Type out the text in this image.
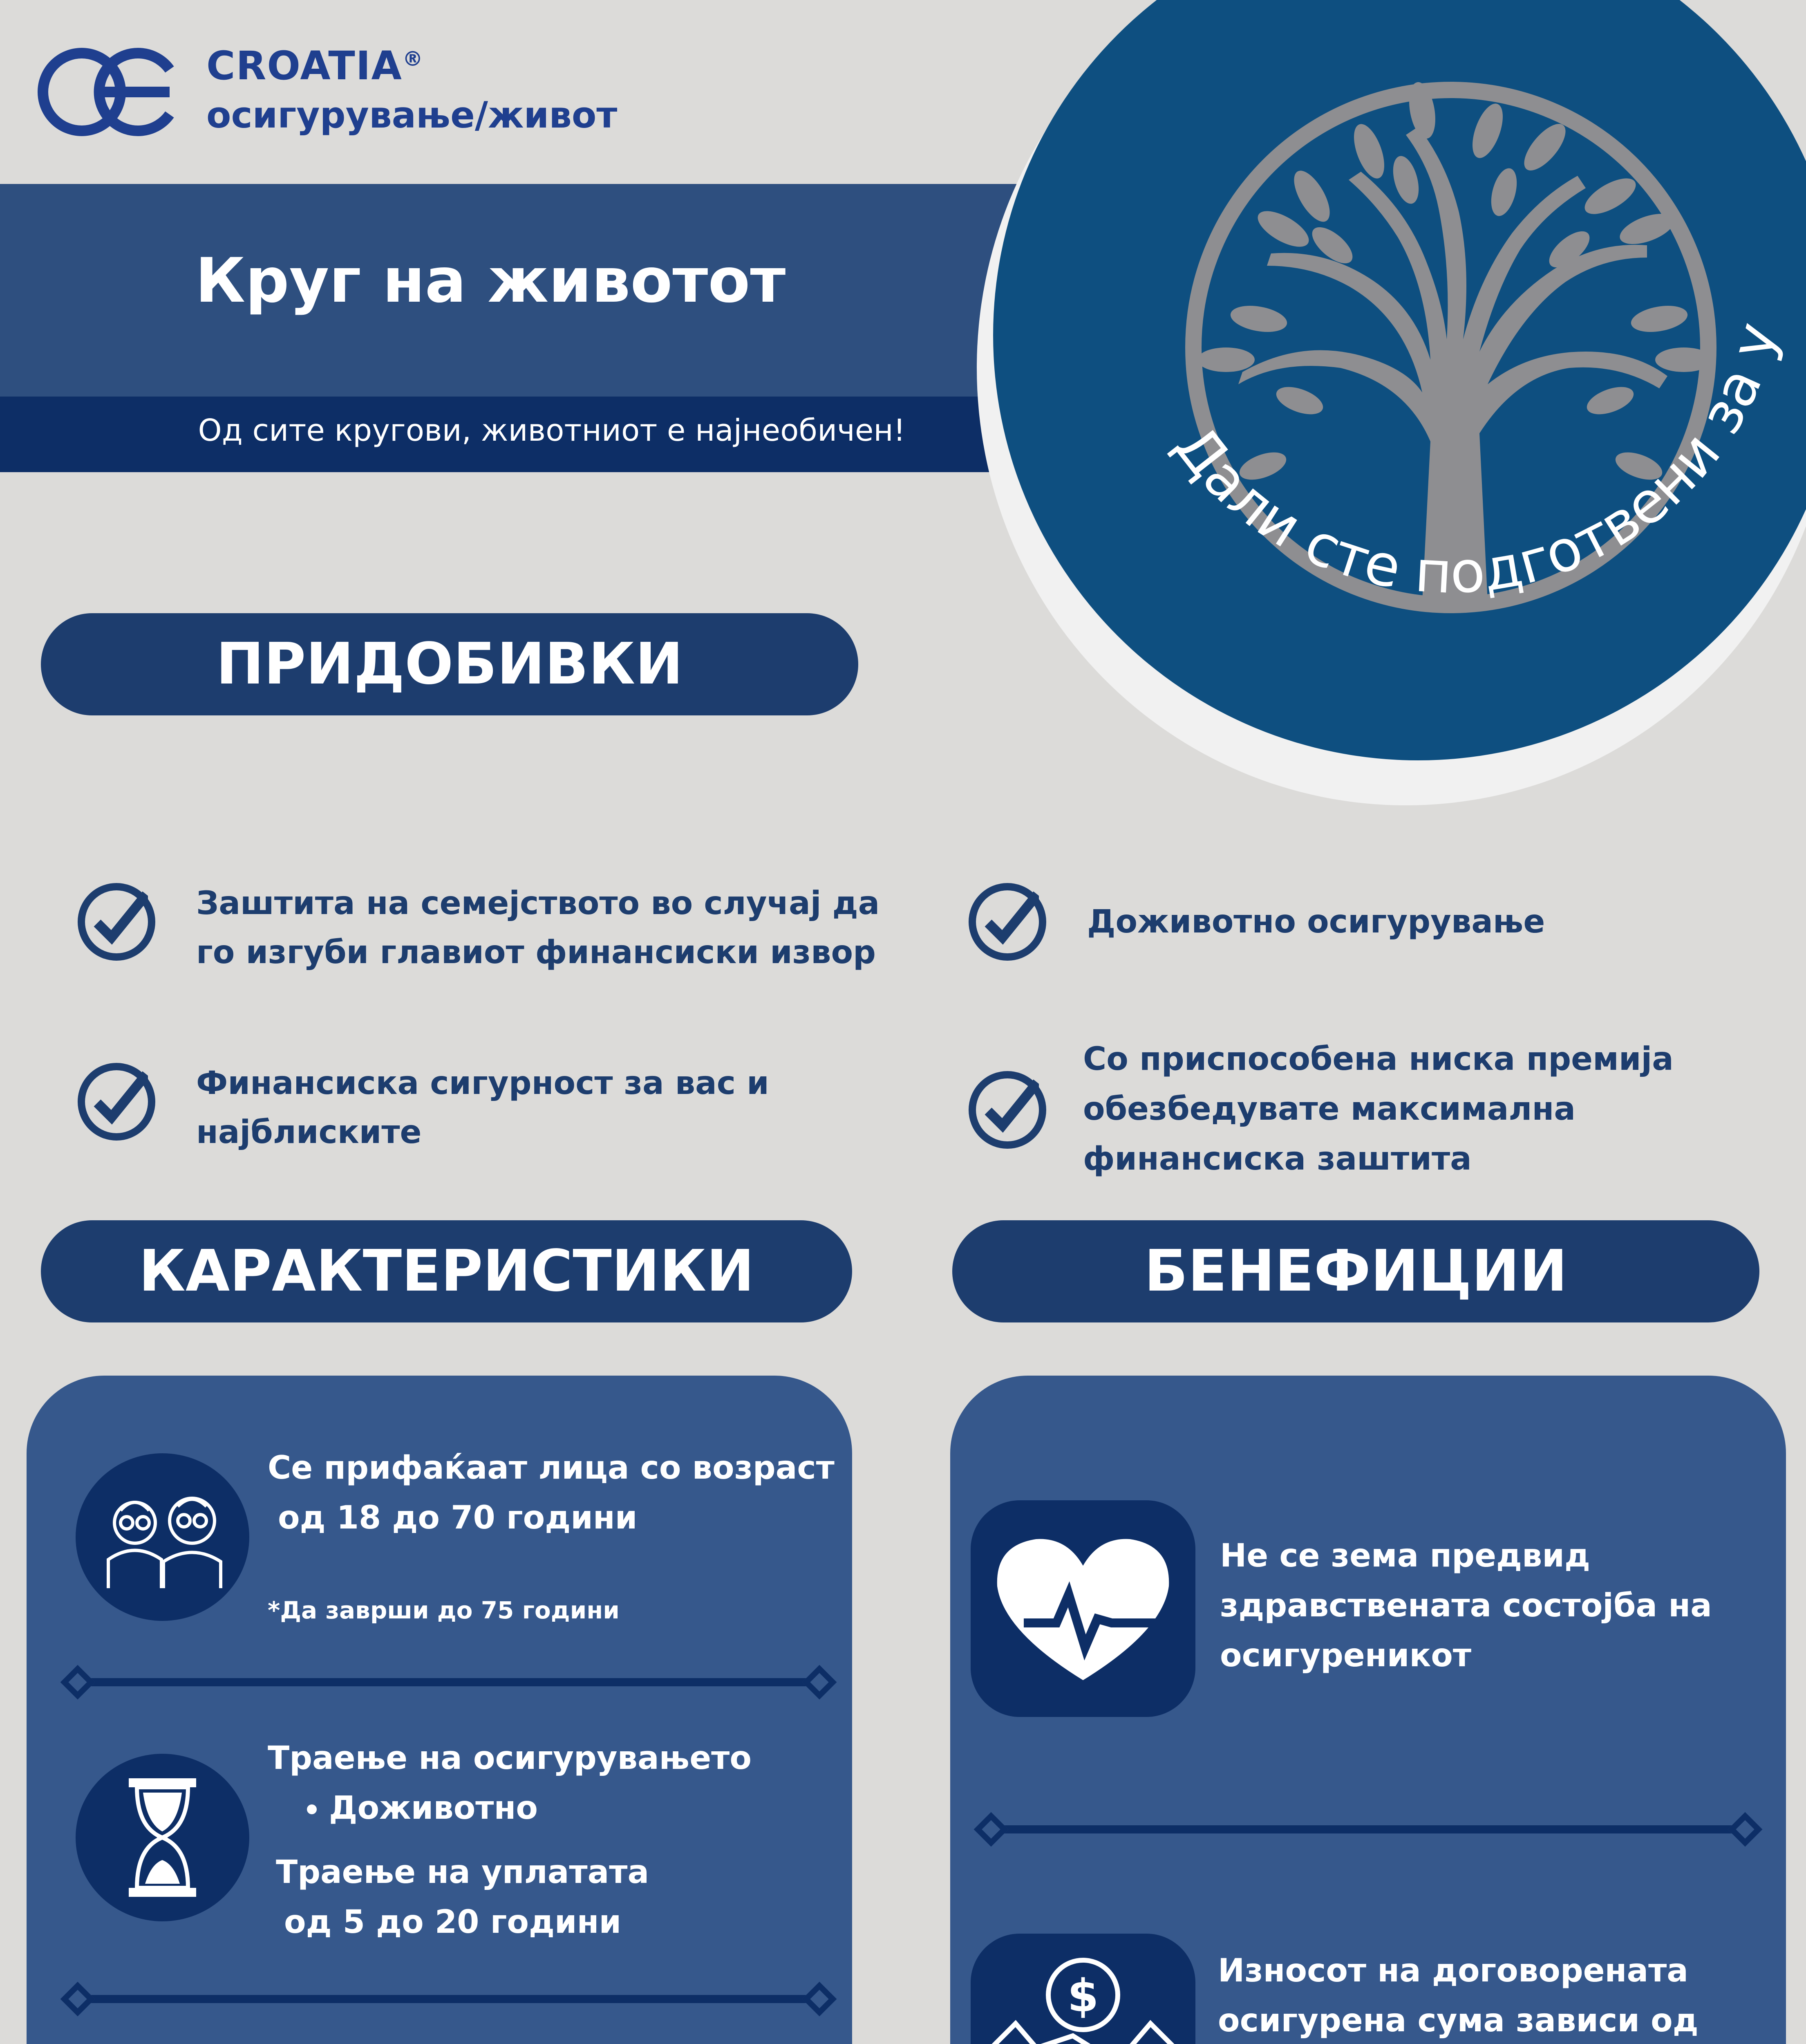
CROATIA®
осигурување/живот
Круг на животот
Од сите кругови, животниот е најнеобичен!	Дали сте подготвени за у
ПРИДОБИВКИ
Заштита на семејството во случај да
го изгуби главиот финансиски извор
Доживотно осигурување
Финансиска сигурност за вас и
најблиските
Со приспособена ниска премија
обезбедувате максимална
финансиска заштита
КАРАКТЕРИСТИКИ	БЕНЕФИЦИИ
Се прифаќаат лица со возраст
од 18 до 70 години
*Да заврши до 75 години
Траење на осигурувањето
• Доживотно
Траење на уплатата
од 5 до 20 години
Не се зема предвид
здравствената состојба на
осигуреникот
$	Износот на договорената
осигурена сума зависи од
